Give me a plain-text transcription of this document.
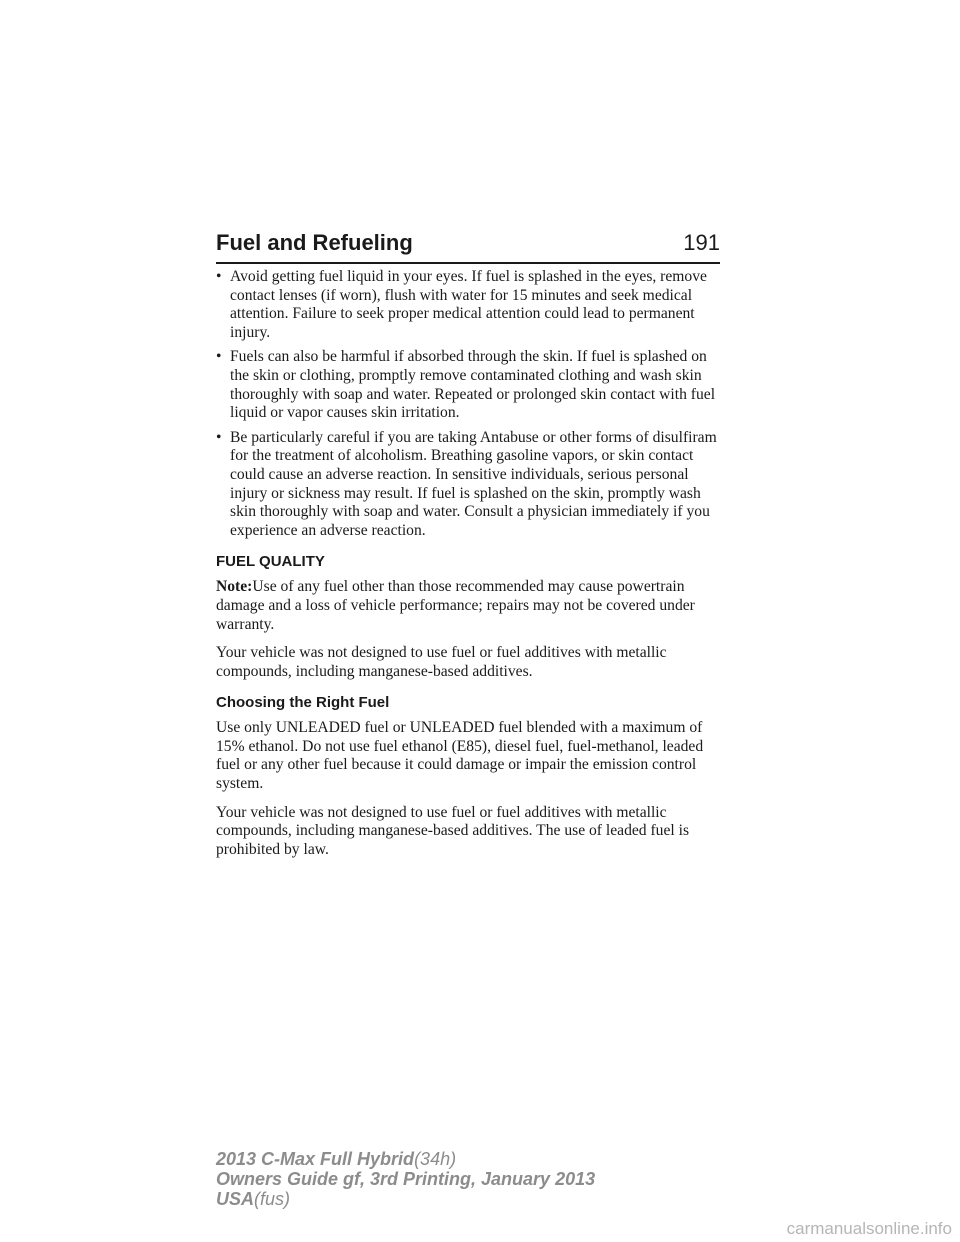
Fuel and Refueling	191
• Avoid getting fuel liquid in your eyes. If fuel is splashed in the eyes, remove contact lenses (if worn), flush with water for 15 minutes and seek medical attention. Failure to seek proper medical attention could lead to permanent injury.
• Fuels can also be harmful if absorbed through the skin. If fuel is splashed on the skin or clothing, promptly remove contaminated clothing and wash skin thoroughly with soap and water. Repeated or prolonged skin contact with fuel liquid or vapor causes skin irritation.
• Be particularly careful if you are taking Antabuse or other forms of disulfiram for the treatment of alcoholism. Breathing gasoline vapors, or skin contact could cause an adverse reaction. In sensitive individuals, serious personal injury or sickness may result. If fuel is splashed on the skin, promptly wash skin thoroughly with soap and water. Consult a physician immediately if you experience an adverse reaction.
FUEL QUALITY

Note:Use of any fuel other than those recommended may cause powertrain damage and a loss of vehicle performance; repairs may not be covered under warranty.

Your vehicle was not designed to use fuel or fuel additives with metallic compounds, including manganese-based additives.

Choosing the Right Fuel

Use only UNLEADED fuel or UNLEADED fuel blended with a maximum of 15% ethanol. Do not use fuel ethanol (E85), diesel fuel, fuel-methanol, leaded fuel or any other fuel because it could damage or impair the emission control system.

Your vehicle was not designed to use fuel or fuel additives with metallic compounds, including manganese-based additives. The use of leaded fuel is prohibited by law.

2013 C-Max Full Hybrid(34h)
Owners Guide gf, 3rd Printing, January 2013
USA(fus)
carmanualsonline.info
